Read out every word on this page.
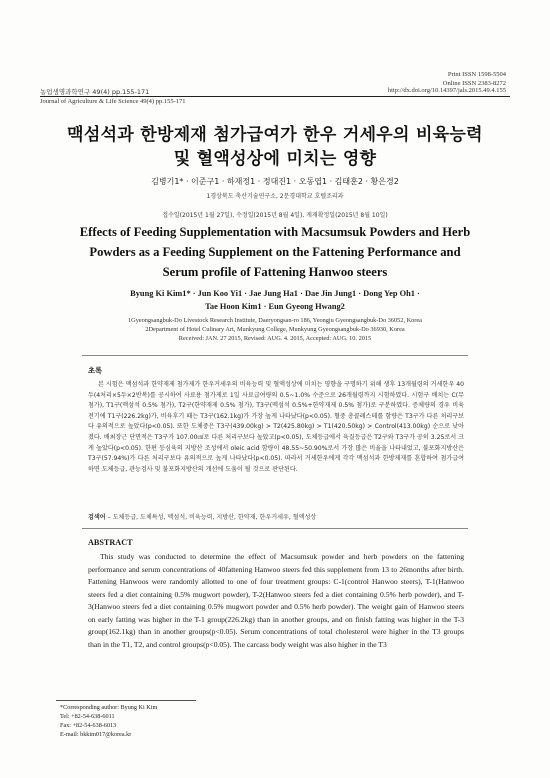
Print ISSN 1598-5504
Online ISSN 2383-8272
농업생명과학연구 49(4) pp.155-171	http://dx.doi.org/10.14397/jals.2015.49.4.155
Journal of Agriculture & Life Science 49(4) pp.155-171
맥섬석과 한방제재 첨가급여가 한우 거세우의 비육능력
및 혈액성상에 미치는 영향
김병기1* · 이준구1 · 하재정1 · 정대진1 · 오동엽1 · 김태훈2 · 황은경2
1경상북도 축산기술연구소, 2문경대학교 호텔조리과
접수일(2015년 1월 27일), 수정일(2015년 8월 4일), 게재확정일(2015년 8월 10일)
Effects of Feeding Supplementation with Macsumsuk Powders and Herb
Powders as a Feeding Supplement on the Fattening Performance and
Serum profile of Fattening Hanwoo steers
Byung Ki Kim1* · Jun Koo Yi1 · Jae Jung Ha1 · Dae Jin Jung1 · Dong Yep Oh1 ·
Tae Hoon Kim1 · Eun Gyeong Hwang2
1Gyeongsangbuk-Do Livestock Research Institute, Daeryongsan-ro 186, Yeongju Gyeongsangbuk-Do 36052, Korea
2Department of Hotel Culinary Art, Munkyung College, Munkyung Gyeongsangbuk-Do 36930, Korea
Received: JAN. 27 2015, Revised: AUG. 4. 2015, Accepted: AUG. 10. 2015
초록
본 시험은 맥섬석과 한약재제 첨가제가 한우거세우의 비육능력 및 혈액성상에 미치는 영향을 구명하기 위해 생후 13개월령의 거세한우 40두(4처리×5두×2반복)를 공시하여 사료용 첨가제로 1일 사료급여량의 0.5~1.0% 수준으로 26개월령까지 시험하였다. 시험구 배치는 C(무첨가), T1구(맥섬석 0.5% 첨가), T2구(한약재제 0.5% 첨가), T3구(맥섬석 0.5%+한약재제 0.5% 첨가)로 구분하였다. 증체량의 경우 비육전기에 T1구(226.2kg)가, 비육후기 때는 T3구(162.1kg)가 가장 높게 나타났다(p<0.05). 혈중 총콜레스테롤 함량은 T3구가 다른 처리구보다 유의적으로 높았다(p<0.05). 또한 도체중은 T3구(439.00kg) > T2(425.80kg) > T1(420.50kg) > Control(413.00kg) 순으로 낮아졌다. 배최장근 단면적은 T3구가 107.00㎠로 다른 처리구보다 높았고(p<0.05), 도체등급에서 육질등급은 T2구와 T3구가 공히 3.25로서 크게 높았다(p<0.05). 한편 등심육의 지방산 조성에서 oleic acid 함량이 48.55~50.90%로서 가장 많은 비율을 나타내었고, 불포화지방산은 T3구(57.94%)가 다른 처리구보다 유의적으로 높게 나타났다(p<0.05). 따라서 거세한우에게 각각 맥섬석과 한방제재를 혼합하여 첨가급여하면 도체등급, 관능검사 및 불포화지방산의 개선에 도움이 될 것으로 판단된다.
검색어 – 도체등급, 도체특성, 맥섬석, 비육능력, 지방산, 한약재, 한우거세우, 혈액성상
ABSTRACT
This study was conducted to determine the effect of Macsumsuk powder and herb powders on the fattening performance and serum concentrations of 40fattening Hanwoo steers fed this supplement from 13 to 26months after birth. Fattening Hanwoos were randomly allotted to one of four treatment groups: C-1(control Hanwoo steers), T-1(Hanwoo steers fed a diet containing 0.5% mugwort powder), T-2(Hanwoo steers fed a diet containing 0.5% herb powder), and T-3(Hanwoo steers fed a diet containing 0.5% mugwort powder and 0.5% herb powder). The weight gain of Hanwoo steers on early fatting was higher in the T-1 group(226.2kg) than in another groups, and on finish fatting was higher in the T-3 group(162.1kg) than in another groups(p<0.05). Serum concentrations of total cholesterol were higher in the T3 groups than in the T1, T2, and control groups(p<0.05). The carcass body weight was also higher in the T3
*Corresponding author: Byung Ki Kim
Tel: +82-54-638-6011
Fax: +82-54-638-6013
E-mail: bkkim017@korea.kr
